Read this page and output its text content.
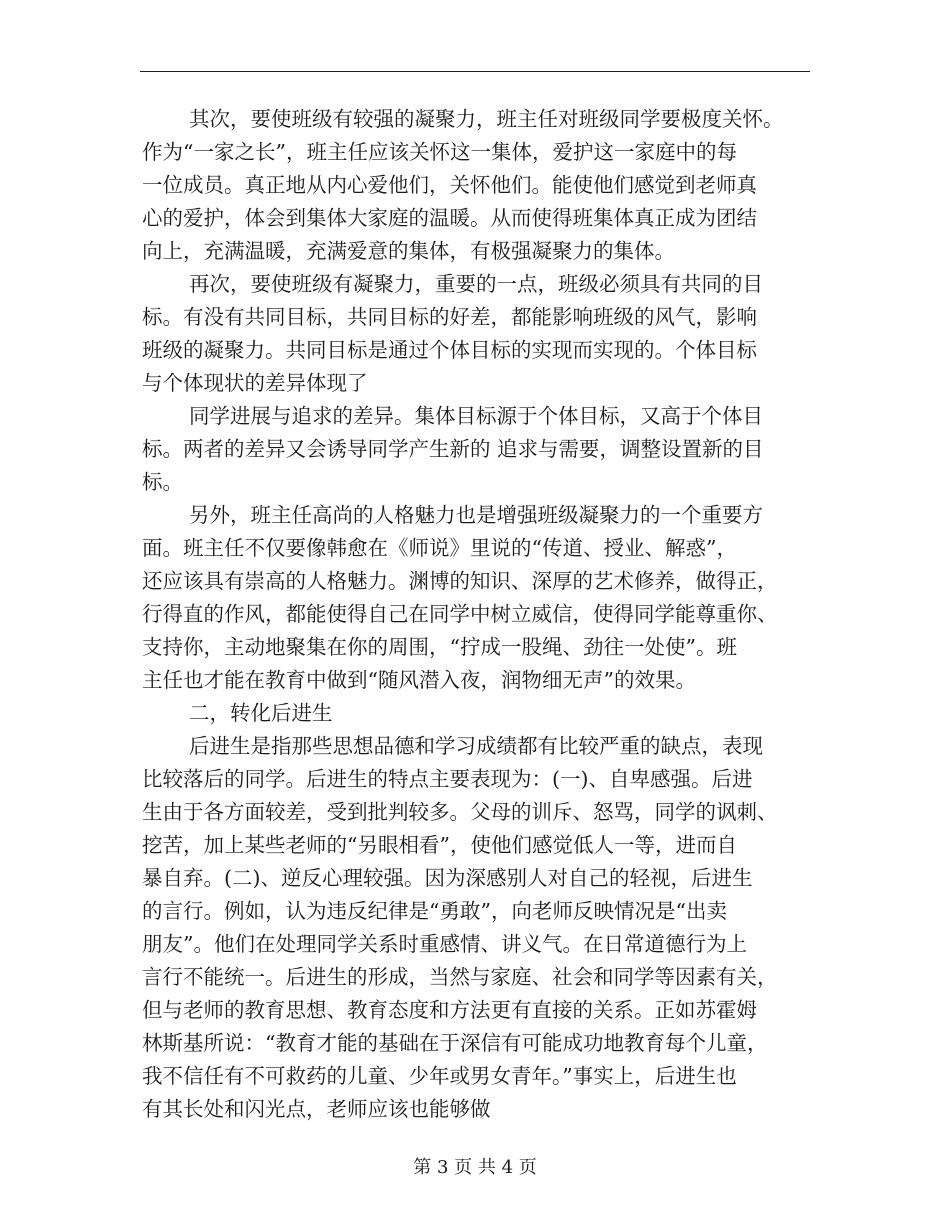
其次，要使班级有较强的凝聚力，班主任对班级同学要极度关怀。
作为“一家之长”，班主任应该关怀这一集体，爱护这一家庭中的每
一位成员。真正地从内心爱他们，关怀他们。能使他们感觉到老师真
心的爱护，体会到集体大家庭的温暖。从而使得班集体真正成为团结
向上，充满温暖，充满爱意的集体，有极强凝聚力的集体。
再次，要使班级有凝聚力，重要的一点，班级必须具有共同的目
标。有没有共同目标，共同目标的好差，都能影响班级的风气，影响
班级的凝聚力。共同目标是通过个体目标的实现而实现的。个体目标
与个体现状的差异体现了
同学进展与追求的差异。集体目标源于个体目标，又高于个体目
标。两者的差异又会诱导同学产生新的 追求与需要，调整设置新的目
标。
另外，班主任高尚的人格魅力也是增强班级凝聚力的一个重要方
面。班主任不仅要像韩愈在《师说》里说的“传道、授业、解惑”，
还应该具有崇高的人格魅力。渊博的知识、深厚的艺术修养，做得正，
行得直的作风，都能使得自己在同学中树立威信，使得同学能尊重你、
支持你，主动地聚集在你的周围，“拧成一股绳、劲往一处使”。班
主任也才能在教育中做到“随风潜入夜，润物细无声”的效果。
二，转化后进生
后进生是指那些思想品德和学习成绩都有比较严重的缺点，表现
比较落后的同学。后进生的特点主要表现为：(一)、自卑感强。后进
生由于各方面较差，受到批判较多。父母的训斥、怒骂，同学的讽刺、
挖苦，加上某些老师的“另眼相看”，使他们感觉低人一等，进而自
暴自弃。(二)、逆反心理较强。因为深感别人对自己的轻视，后进生
的言行。例如，认为违反纪律是“勇敢”，向老师反映情况是“出卖
朋友”。他们在处理同学关系时重感情、讲义气。在日常道德行为上
言行不能统一。后进生的形成，当然与家庭、社会和同学等因素有关，
但与老师的教育思想、教育态度和方法更有直接的关系。正如苏霍姆
林斯基所说：“教育才能的基础在于深信有可能成功地教育每个儿童，
我不信任有不可救药的儿童、少年或男女青年。”事实上，后进生也
有其长处和闪光点，老师应该也能够做
第 3 页 共 4 页
